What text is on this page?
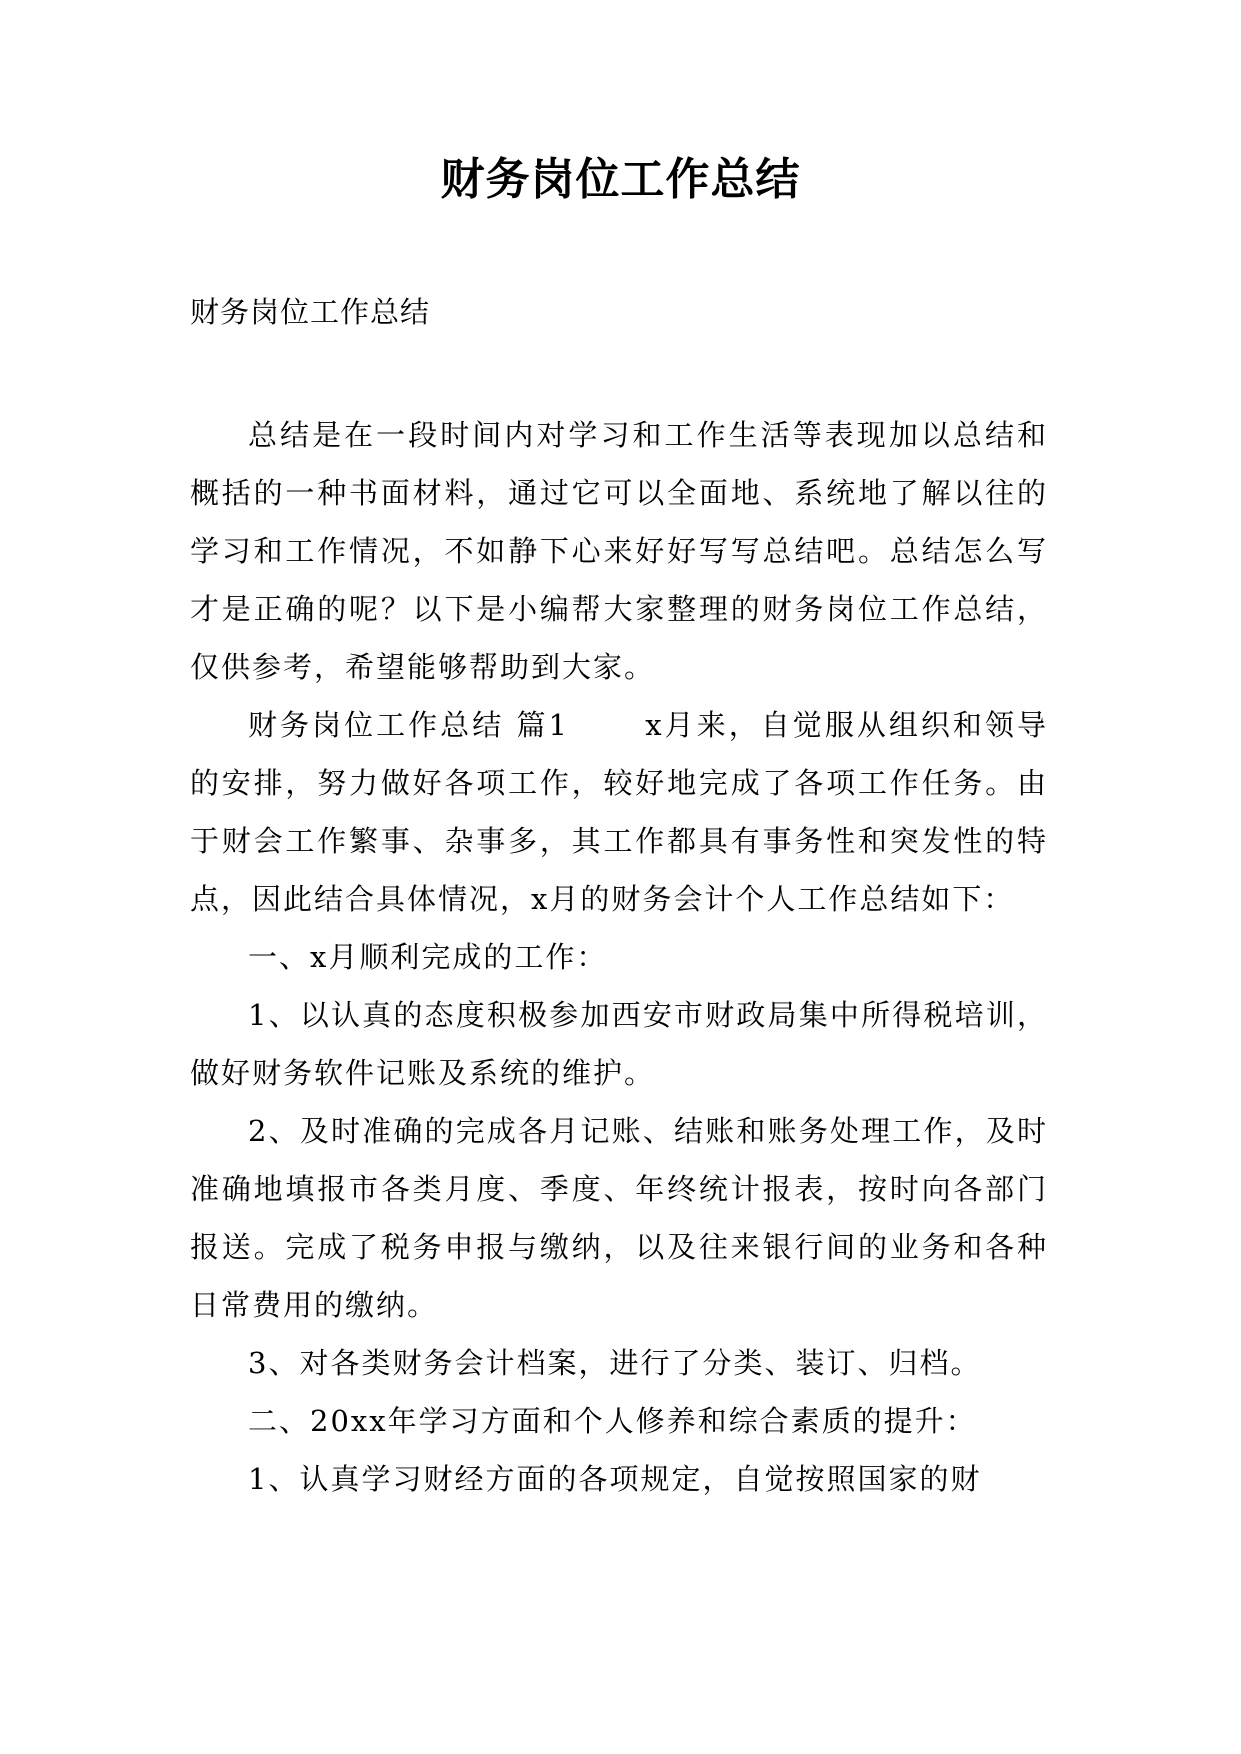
财务岗位工作总结
财务岗位工作总结

总结是在一段时间内对学习和工作生活等表现加以总结和概括的一种书面材料，通过它可以全面地、系统地了解以往的学习和工作情况，不如静下心来好好写写总结吧。总结怎么写才是正确的呢？以下是小编帮大家整理的财务岗位工作总结，仅供参考，希望能够帮助到大家。

财务岗位工作总结 篇1 　　x月来，自觉服从组织和领导的安排，努力做好各项工作，较好地完成了各项工作任务。由于财会工作繁事、杂事多，其工作都具有事务性和突发性的特点，因此结合具体情况，x月的财务会计个人工作总结如下：

一、x月顺利完成的工作：

1、以认真的态度积极参加西安市财政局集中所得税培训，做好财务软件记账及系统的维护。

2、及时准确的完成各月记账、结账和账务处理工作，及时准确地填报市各类月度、季度、年终统计报表，按时向各部门报送。完成了税务申报与缴纳，以及往来银行间的业务和各种日常费用的缴纳。

3、对各类财务会计档案，进行了分类、装订、归档。

二、20xx年学习方面和个人修养和综合素质的提升：

1、认真学习财经方面的各项规定，自觉按照国家的财
